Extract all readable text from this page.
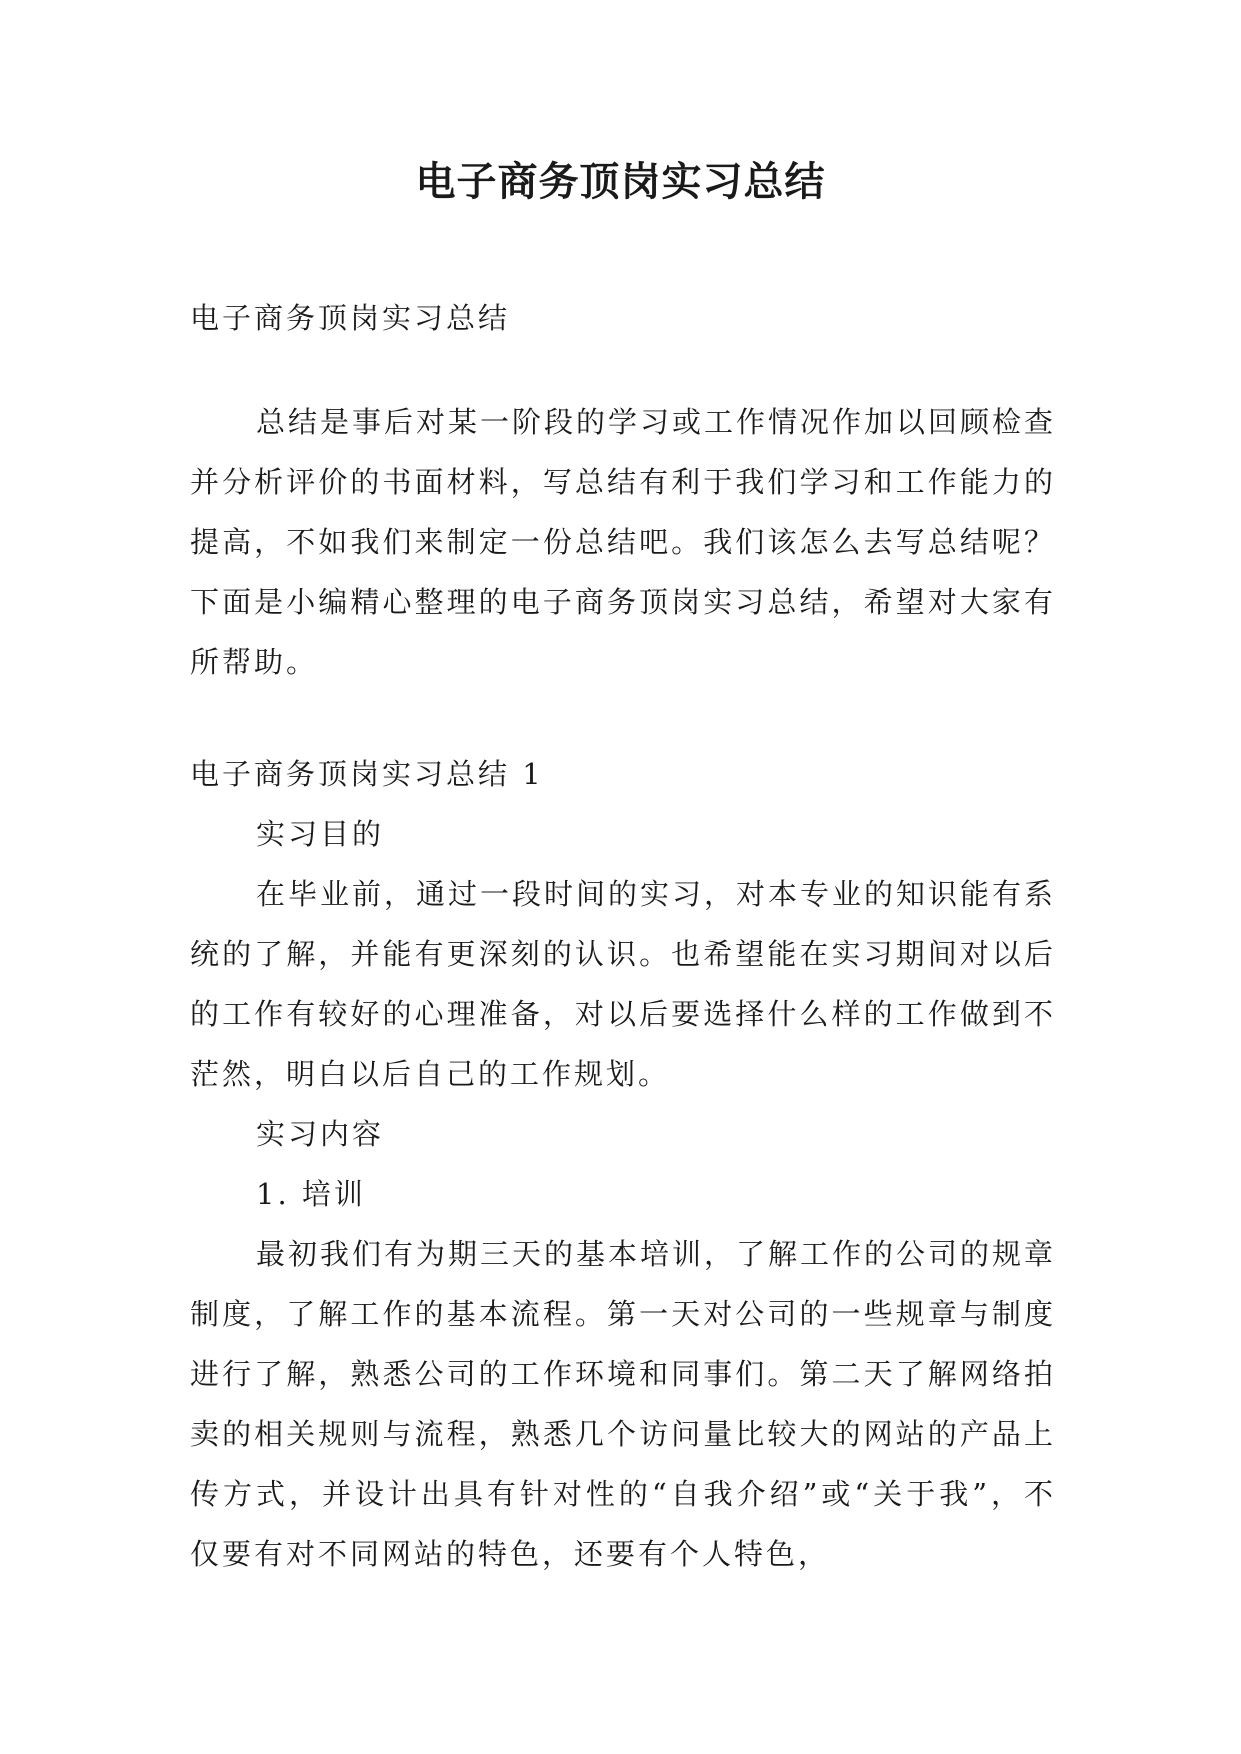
电子商务顶岗实习总结

电子商务顶岗实习总结

总结是事后对某一阶段的学习或工作情况作加以回顾检查并分析评价的书面材料，写总结有利于我们学习和工作能力的提高，不如我们来制定一份总结吧。我们该怎么去写总结呢？下面是小编精心整理的电子商务顶岗实习总结，希望对大家有所帮助。

电子商务顶岗实习总结 1

实习目的

在毕业前，通过一段时间的实习，对本专业的知识能有系统的了解，并能有更深刻的认识。也希望能在实习期间对以后的工作有较好的心理准备，对以后要选择什么样的工作做到不茫然，明白以后自己的工作规划。

实习内容

1. 培训

最初我们有为期三天的基本培训，了解工作的公司的规章制度，了解工作的基本流程。第一天对公司的一些规章与制度进行了解，熟悉公司的工作环境和同事们。第二天了解网络拍卖的相关规则与流程，熟悉几个访问量比较大的网站的产品上传方式，并设计出具有针对性的“自我介绍”或“关于我”，不仅要有对不同网站的特色，还要有个人特色，
